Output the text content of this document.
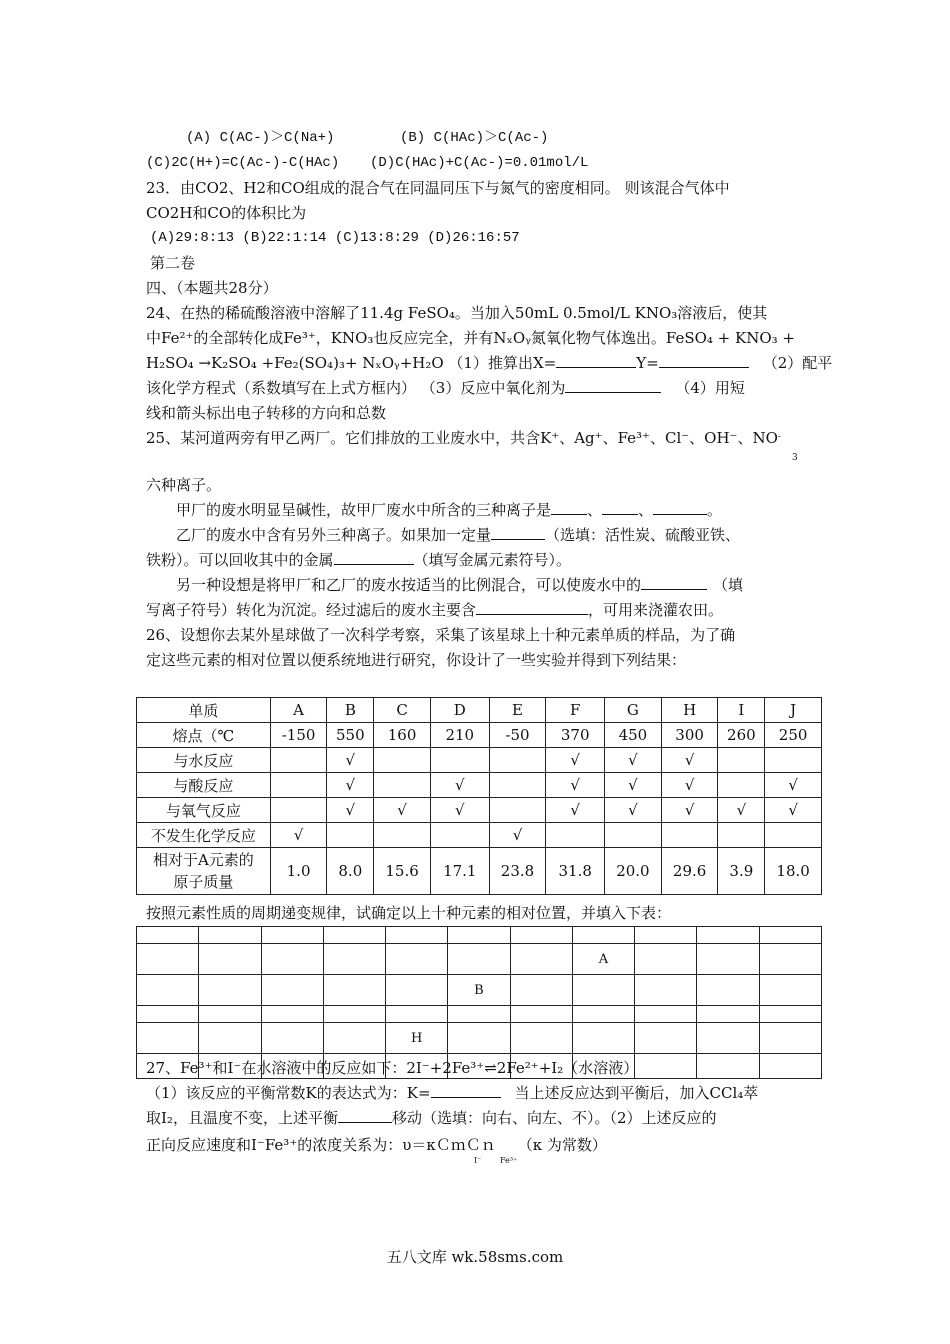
(A) C(AC-)＞C(Na+)	(B) C(HAc)＞C(Ac-)
(C)2C(H+)=C(Ac-)-C(HAc) (D)C(HAc)+C(Ac-)=0.01mol/L
23．由CO2、H2和CO组成的混合气在同温同压下与氮气的密度相同。 则该混合气体中
CO2H和CO的体积比为
(A)29:8:13 (B)22:1:14 (C)13:8:29 (D)26:16:57
第二卷
四、（本题共28分）
24、在热的稀硫酸溶液中溶解了11.4g FeSO₄。当加入50mL 0.5mol/L KNO₃溶液后，使其
中Fe²⁺的全部转化成Fe³⁺，KNO₃也反应完全，并有NₓOᵧ氮氧化物气体逸出。FeSO₄ + KNO₃ +
H₂SO₄ →K₂SO₄ +Fe₂(SO₄)₃+ NₓOᵧ+H₂O （1）推算出X=	Y=	（2）配平
该化学方程式（系数填写在上式方框内） （3）反应中氧化剂为	（4）用短
线和箭头标出电子转移的方向和总数
25、某河道两旁有甲乙两厂。它们排放的工业废水中，共含K⁺、Ag⁺、Fe³⁺、Cl⁻、OH⁻、NO-
3
六种离子。
甲厂的废水明显呈碱性，故甲厂废水中所含的三种离子是 、 、	。
乙厂的废水中含有另外三种离子。如果加一定量	（选填：活性炭、硫酸亚铁、
铁粉）。可以回收其中的金属	（填写金属元素符号）。
另一种设想是将甲厂和乙厂的废水按适当的比例混合，可以使废水中的	（填
写离子符号）转化为沉淀。经过滤后的废水主要含	，可用来浇灌农田。
26、设想你去某外星球做了一次科学考察，采集了该星球上十种元素单质的样品，为了确
定这些元素的相对位置以便系统地进行研究，你设计了一些实验并得到下列结果：
单质	A	B	C	D	E	F	G	H	I	J
熔点（℃	-150	550	160	210	-50	370	450	300	260	250
与水反应		√				√	√	√		
与酸反应		√		√		√	√	√		√
与氧气反应		√	√	√		√	√	√	√	√
不发生化学反应	√				√					

相对于A元素的
原子质量	1.0	8.0	15.6	17.1	23.8	31.8	20.0	29.6	3.9	18.0
按照元素性质的周期递变规律，试确定以上十种元素的相对位置，并填入下表：

							A			
					B					

				H						

27、Fe³⁺和I⁻在水溶液中的反应如下：2I⁻+2Fe³⁺⇌2Fe²⁺+I₂（水溶液）
（1）该反应的平衡常数K的表达式为：K=	当上述反应达到平衡后，加入CCl₄萃
取I₂，且温度不变，上述平衡	移动（选填：向右、向左、不）。（2）上述反应的
正向反应速度和I⁻Fe³⁺的浓度关系为：υ＝κＣｍＣｎ （κ 为常数）
I⁻ Fe³⁺
五八文库 wk.58sms.com
